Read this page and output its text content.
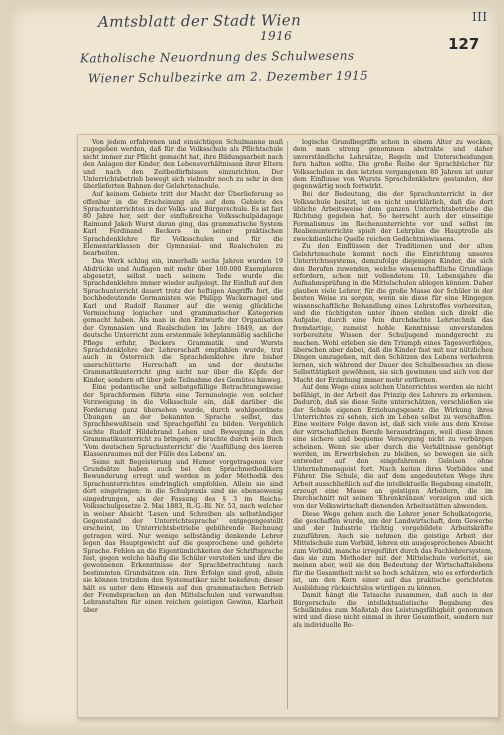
Amtsblatt der Stadt Wien	III
1916	127
Katholische Neuordnung des Schulwesens
Wiener Schulbezirke am 2. Dezember 1915

Von jedem erfahrenen und einsichtigen Schulmanne muß zugegeben werden, daß für die Volksschule als Pflichtschule nicht immer zur Pflicht gemacht hat, ihre Bildungsarbeit nach den Anlagen der Kinder, den Lebensverhältnissen ihrer Eltern und nach den Zeitbedürfnissen einzurichten. Der Unterrichtsbetrieb bewegt sich vielmehr noch zu sehr in den überlieferten Bahnen der Gelehrtenschule.

Auf keinem Gebiete tritt der Macht der Überlieferung so offenbar in die Erscheinung als auf dem Gebiete des Sprachunterrichtes in der Volks- und Bürgerschule. Es ist fast 80 Jahre her, seit der einflußreiche Volksschulpädagoge Raimund Jakob Wurst daran ging, das grammatische System Karl Ferdinand Beckers in seiner praktischen Sprachdenklehre für Volksschulen und für die Elementarklassen der Gymnasial- und Realschulen zu bearbeiten.

Das Werk schlug ein, innerhalb sechs Jahren wurden 19 Abdrücke und Auflagen mit mehr über 100.000 Exemplaren abgesetzt, selbst nach seinem Tode wurde die Sprachdenklehre immer wieder aufgelegt. Ihr Einfluß auf den Sprachunterricht dauert trotz der heftigen Angriffe fort, die hochbedeutende Germanisten wie Philipp Wackernagel und Karl und Rudolf Raumer auf die wenig glückliche Vermischung logischer und grammatischer Kategorien gemacht haben. Als man in den Entwurfe der Organisation der Gymnasien und Realschulen im Jahre 1849, an der deutsche Unterricht zum erstenmale lehrplanmäßig sachliche Pflege erfuhr, Beckers Grammatik und Wursts Sprachdenklehre der Lehrerschaft empfahlen wurde, trat auch in Österreich die Sprachdenklehre ihre bisher unerschütterte Herrschaft an und der deutsche Grammatikunterricht ging nicht nur über die Köpfe der Kinder, sondern oft über jede Teilnahme des Gemütes hinweg.

Eine pedantische und selbstgefällige Betrachtungsweise der Sprachformen führte eine Terminologie von solcher Verzweigung in die Volksschule ein, daß darüber die Forderung ganz übersehen wurde, durch wohlgeordnete Übungen an der bekannten Sprache selbst, das Sprachbewußtsein und Sprachgefühl zu bilden. Vergeblich suchte Rudolf Hildebrand Leben und Bewegung in den Grammatikunterricht zu bringen; er brachte durch sein Buch 'Vom deutschen Sprachunterricht' die 'Ausfüllung des leeren Klassenraumes mit der Fülle des Lebens' an.

Seine mit Begeisterung und Humor vorgetragenen vier Grundsätze haben auch bei den Sprachmethodikern Bewunderung erregt und werden in jeder Methodik des Sprachunterrichtes eindringlich empfohlen. Allein sie sind dort eingetragen; in die Schulpraxis sind sie ebensowenig eingedrungen, als der Fassung des § 3 im Reichs-Volksschulgesetze 2. Mai 1883, R.-G.-Bl. Nr. 53, nach welcher in weiser Absicht 'Lesen und Schreiben als selbständiger Gegenstand der Unterrichtssprache' entgegengestellt erscheint, im Unterrichtsbetriebe gebührende Rechnung getragen wird. Nur wenige selbständig denkende Lehrer legen das Hauptgewicht auf die gesprochene und gehörte Sprache. Fehlen an die Eigentümlichkeiten der Schriftsprache fest, gegen welche häufig die Schüler verstoßen und ihre die gewonnenen Erkenntnisse der Sprachbetrachtung nach bestimmten Grundsätzen ein. Ihre Erfolge sind groß, allein sie können trotzdem den Systematiker nicht bekehren; dieser hält es unter dem Hinweis auf den grammatischen Betrieb der Fremdsprachen an den Mittelschulen und verwandten Lehranstalten für einen reichen geistigen Gewinn, Klarheit über

logische Grundbegriffe schon in einem Alter zu wecken, dem man streng genommen abstrakte und daher unverständliche Lehrsätze, Regeln und Unterscheidungen fern halten sollte. Die große Reihe der Sprachbücher für Volksschulen in den letzten vergangenen 80 Jahren ist unter dem Einflusse von Wursts Sprachdenklehre gestanden, der gegenwärtig noch fortwirkt.

Bei der Bedeutung, die der Sprachunterricht in der Volksschule besitzt, ist es nicht unerklärlich, daß die dort übliche Arbeitsweise dem ganzen Unterrichtsbetriebe die Richtung gegeben hat. So herrscht auch der einseitige Formalismus im Rechenunterrichte vor und selbst im Realienunterrichte spielt der Lehrplan die Hauptrolle als zweckdienliche Quelle reichen Gedächtniswissens.

Zu den Einflüssen der Traditionen und der alten Gelehrtenschule kommt noch die Einrichtung unseres Unterrichtssystems, demzufolge diejenigen Kinder, die sich den Berufen zuwenden, welche wissenschaftliche Grundlage erfordern, schon mit vollendetem 10. Lebensjahre die Aufnahmsprüfung in die Mittelschulen ablegen können. Daher glauben viele Lehrer, für die große Masse der Schüler in der besten Weise zu sorgen, wenn sie diese für eine Hingegen wissenschaftliche Behandlung eines Lehrstoffes vorbereiten, und die tüchtigsten unter ihnen stellen sich direkt die Aufgabe, durch eine fein durchdachte Lehrtechnik das fremdartige, zumeist hohle Kenntnisse unverstanden vorbereitete Wissen der Schuljugend mundgerecht zu machen. Wohl erleben sie den Triumph eines Tagesverfolges, überschen aber dabei, daß die Kinder fast mit nur nützlichen Dingen umzugehen, mit den Schätzen des Lebens verkehren lernen, sich während der Dauer des Schulbesuches an diese Selbsttätigkeit gewöhnen, sie sich gewinnen und sich von der Macht der Erziehung immer mehr entfernen.

Auf dem Wege eines solchen Unterrichtes werden sie nicht befähigt, in der Arbeit das Prinzip des Lehrers zu erkennen. Dadurch, daß sie diese Seite unterschätzen, verschließen sie der Schule eigenen Erziehungsgesetz die Wirkung ihres Unterrichtes zu sehen, sich im Leben selbst zu verschaffen. Eine weitere Folge davon ist, daß sich viele aus dem Kreise der wirtschaftlichen Berufe herausdrängen, weil diese ihnen eine sichere und bequeme Versorgung nicht zu verbürgen scheinen. Wenn sie aber durch die Verhältnisse genötigt werden, im Erwerbsleben zu bleiben, so bewegen sie sich entweder auf den eingefahrenen Geleisen ohne Unternehmensgeist fort. Nach keiten ihres Vorbildes und Führer. Die Schule, die auf dem angedeuteten Wege ihre Arbeit ausschließlich auf die intellektuelle Begabung einstellt, erzeugt eine Masse an geistigen Arbeitern, die im Durchschnitt mit seinen 'Ehrenkränzen' vorzeigen und sich von der Volkswirtschaft dienenden Arbeitsstätten abwenden.

Diese Wege gehen auch die Lehrer jener Schulkategorie, die geschaffen wurde, um der Landwirtschaft, dem Gewerbe und der Industrie tüchtig vorgebildete Arbeitskräfte zuzuführen. Auch sie nehmen die geistige Arbeit der Mittelschule zum Vorbild, lehren ein ausgesprochenes Absicht zum Vorbild, manche irregeführt durch das Fachlehrersystem, das sie zum Methoder mit der Mittelschule verleitet, sie meinen aber, weil sie den Bedeutung der Wirtschaftslebens für die Gesamtheit nicht so hoch schätzen, wie es erforderlich ist, um den Kern einer auf das praktische gerichteten Ausbildung rücksichtslos würdigen zu können.

Damit hängt die Tatsache zusammen, daß auch in der Bürgerschule die intellektualistische Begabung des Schulkindes zum Maßstab des Leistungsfähigkeit genommen wird und diese nicht einmal in ihrer Gesamtheit, sondern nur als individuelle Be-
